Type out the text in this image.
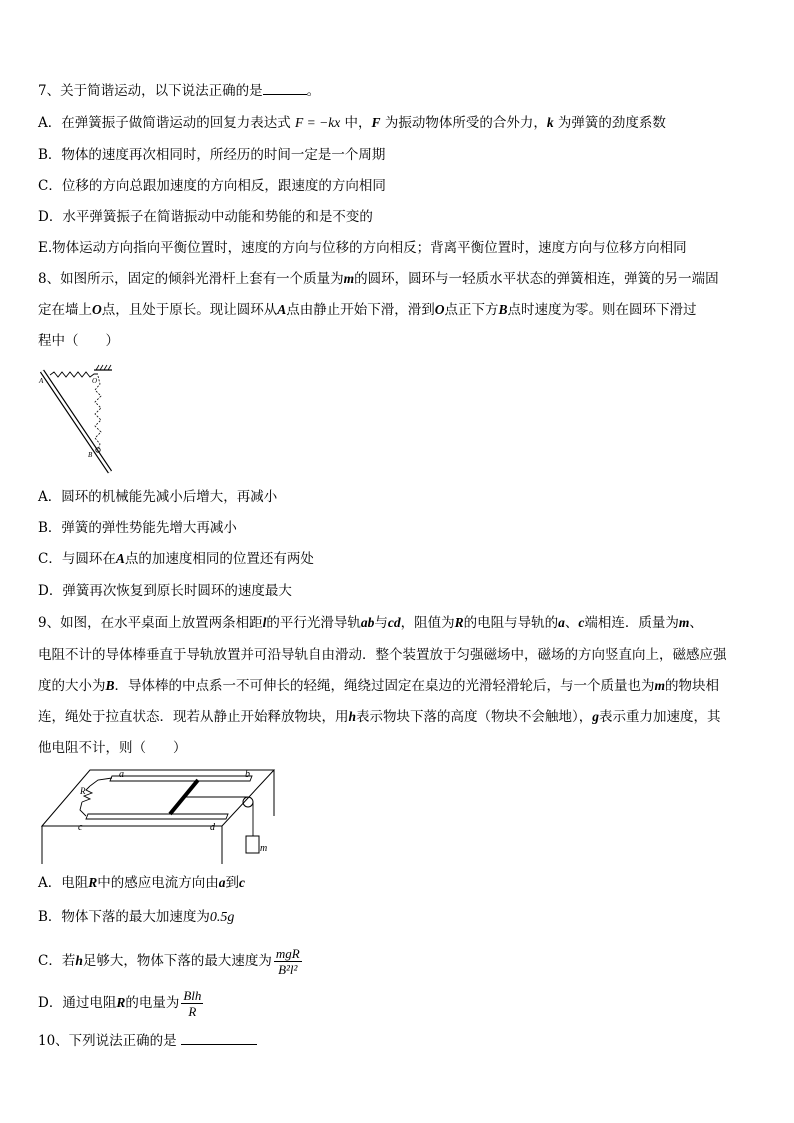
7、关于简谐运动，以下说法正确的是	。
A．在弹簧振子做简谐运动的回复力表达式 F = −kx 中，F 为振动物体所受的合外力，k 为弹簧的劲度系数
B．物体的速度再次相同时，所经历的时间一定是一个周期
C．位移的方向总跟加速度的方向相反，跟速度的方向相同
D．水平弹簧振子在简谐振动中动能和势能的和是不变的
E.物体运动方向指向平衡位置时，速度的方向与位移的方向相反；背离平衡位置时，速度方向与位移方向相同
8、如图所示，固定的倾斜光滑杆上套有一个质量为m的圆环，圆环与一轻质水平状态的弹簧相连，弹簧的另一端固
定在墙上O点，且处于原长。现让圆环从A点由静止开始下滑，滑到O点正下方B点时速度为零。则在圆环下滑过
程中（　　）
A	O
B
A．圆环的机械能先减小后增大，再减小
B．弹簧的弹性势能先增大再减小
C．与圆环在A点的加速度相同的位置还有两处
D．弹簧再次恢复到原长时圆环的速度最大
9、如图，在水平桌面上放置两条相距l的平行光滑导轨ab与cd，阻值为R的电阻与导轨的a、c端相连．质量为m、
电阻不计的导体棒垂直于导轨放置并可沿导轨自由滑动．整个装置放于匀强磁场中，磁场的方向竖直向上，磁感应强
度的大小为B．导体棒的中点系一不可伸长的轻绳，绳绕过固定在桌边的光滑轻滑轮后，与一个质量也为m的物块相
连，绳处于拉直状态．现若从静止开始释放物块，用h表示物块下落的高度（物块不会触地），g表示重力加速度，其
他电阻不计，则（　　）
a	b
c	d
R
m
A．电阻R中的感应电流方向由a到c
B．物体下落的最大加速度为0.5g
C．若h足够大，物体下落的最大速度为 $\frac{\text{mgR}}{\text{B²l²}}$
D．通过电阻R的电量为 $\frac{\text{Blh}}{R}$
10、下列说法正确的是
